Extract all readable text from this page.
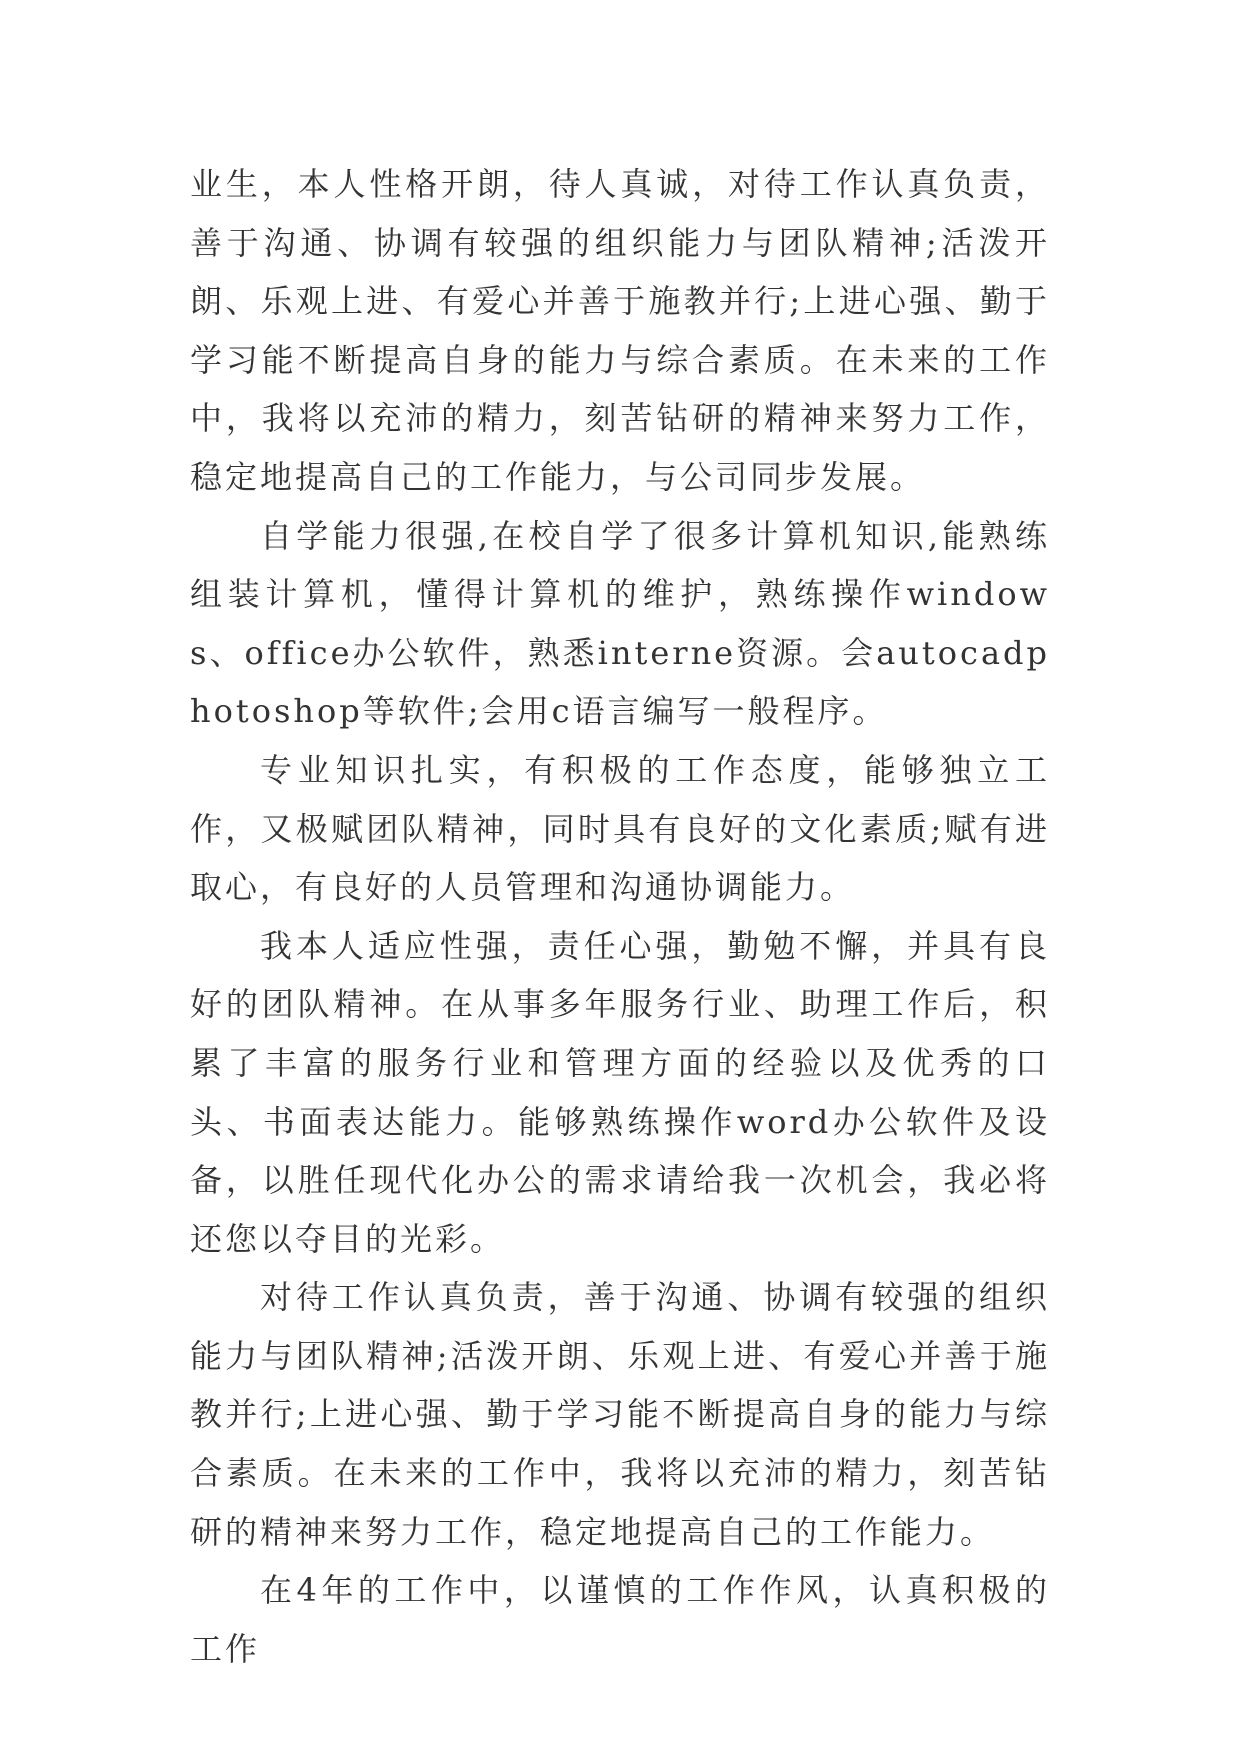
业生，本人性格开朗，待人真诚，对待工作认真负责，善于沟通、协调有较强的组织能力与团队精神;活泼开朗、乐观上进、有爱心并善于施教并行;上进心强、勤于学习能不断提高自身的能力与综合素质。在未来的工作中，我将以充沛的精力，刻苦钻研的精神来努力工作，稳定地提高自己的工作能力，与公司同步发展。

自学能力很强,在校自学了很多计算机知识,能熟练组装计算机，懂得计算机的维护，熟练操作windows、office办公软件，熟悉interne资源。会autocadphotoshop等软件;会用c语言编写一般程序。

专业知识扎实，有积极的工作态度，能够独立工作，又极赋团队精神，同时具有良好的文化素质;赋有进取心，有良好的人员管理和沟通协调能力。

我本人适应性强，责任心强，勤勉不懈，并具有良好的团队精神。在从事多年服务行业、助理工作后，积累了丰富的服务行业和管理方面的经验以及优秀的口头、书面表达能力。能够熟练操作word办公软件及设备，以胜任现代化办公的需求请给我一次机会，我必将还您以夺目的光彩。

对待工作认真负责，善于沟通、协调有较强的组织能力与团队精神;活泼开朗、乐观上进、有爱心并善于施教并行;上进心强、勤于学习能不断提高自身的能力与综合素质。在未来的工作中，我将以充沛的精力，刻苦钻研的精神来努力工作，稳定地提高自己的工作能力。

在4年的工作中，以谨慎的工作作风，认真积极的工作
